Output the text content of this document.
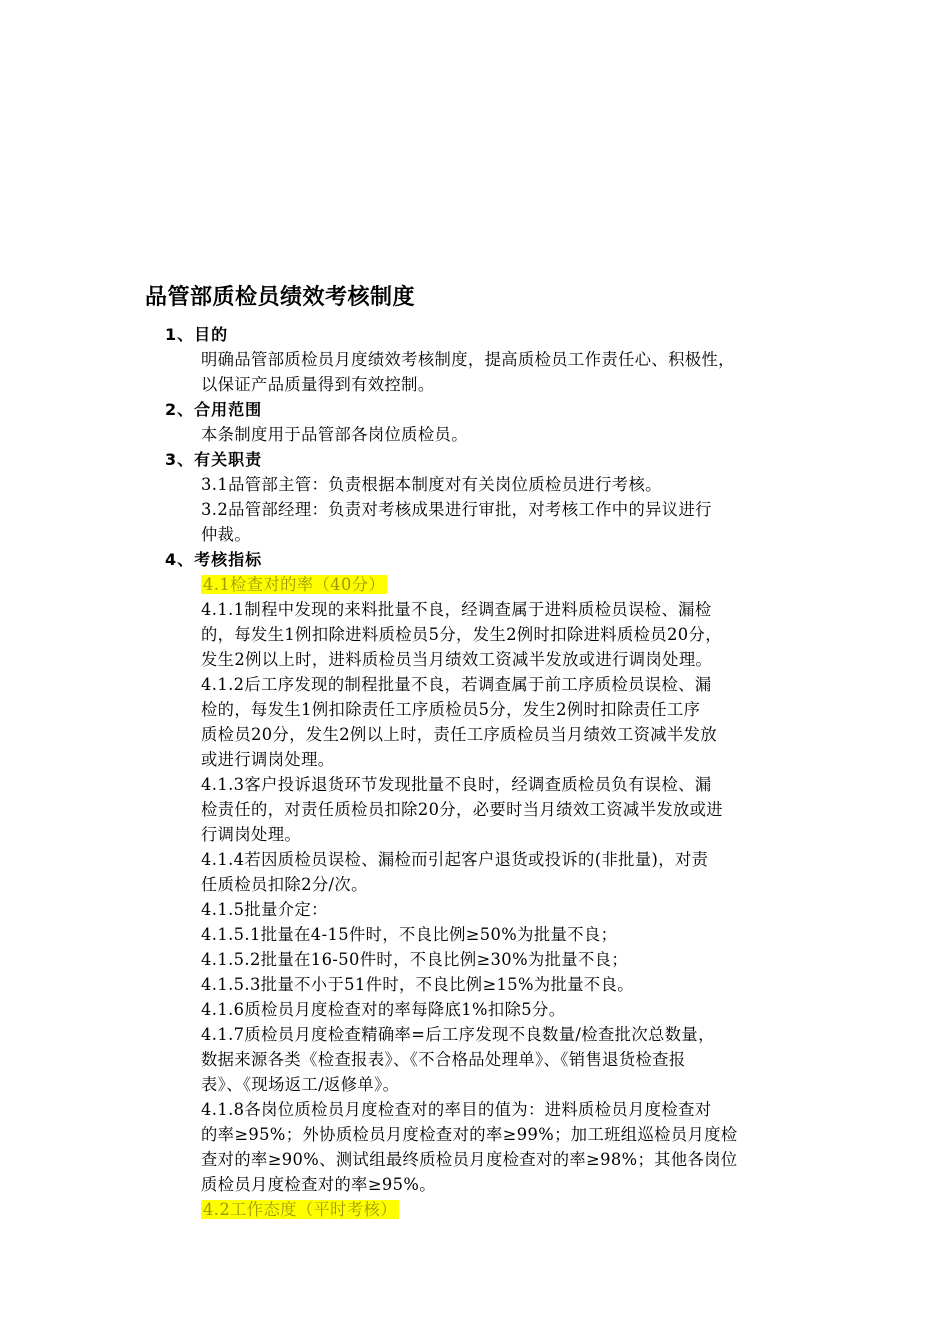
品管部质检员绩效考核制度
1、目的
明确品管部质检员月度绩效考核制度，提高质检员工作责任心、积极性，
以保证产品质量得到有效控制。
2、合用范围
本条制度用于品管部各岗位质检员。
3、有关职责
3.1品管部主管：负责根据本制度对有关岗位质检员进行考核。
3.2品管部经理：负责对考核成果进行审批，对考核工作中的异议进行
仲裁。
4、考核指标
4.1检查对的率（40分）
4.1.1制程中发现的来料批量不良，经调查属于进料质检员误检、漏检
的，每发生1例扣除进料质检员5分，发生2例时扣除进料质检员20分，
发生2例以上时，进料质检员当月绩效工资减半发放或进行调岗处理。
4.1.2后工序发现的制程批量不良，若调查属于前工序质检员误检、漏
检的，每发生1例扣除责任工序质检员5分，发生2例时扣除责任工序
质检员20分，发生2例以上时，责任工序质检员当月绩效工资减半发放
或进行调岗处理。
4.1.3客户投诉退货环节发现批量不良时，经调查质检员负有误检、漏
检责任的，对责任质检员扣除20分，必要时当月绩效工资减半发放或进
行调岗处理。
4.1.4若因质检员误检、漏检而引起客户退货或投诉的(非批量)，对责
任质检员扣除2分/次。
4.1.5批量介定：
4.1.5.1批量在4-15件时，不良比例≥50%为批量不良；
4.1.5.2批量在16-50件时，不良比例≥30%为批量不良；
4.1.5.3批量不小于51件时，不良比例≥15%为批量不良。
4.1.6质检员月度检查对的率每降底1%扣除5分。
4.1.7质检员月度检查精确率=后工序发现不良数量/检查批次总数量，
数据来源各类《检查报表》、《不合格品处理单》、《销售退货检查报
表》、《现场返工/返修单》。
4.1.8各岗位质检员月度检查对的率目的值为：进料质检员月度检查对
的率≥95%；外协质检员月度检查对的率≥99%；加工班组巡检员月度检
查对的率≥90%、测试组最终质检员月度检查对的率≥98%；其他各岗位
质检员月度检查对的率≥95%。
4.2工作态度（平时考核）
